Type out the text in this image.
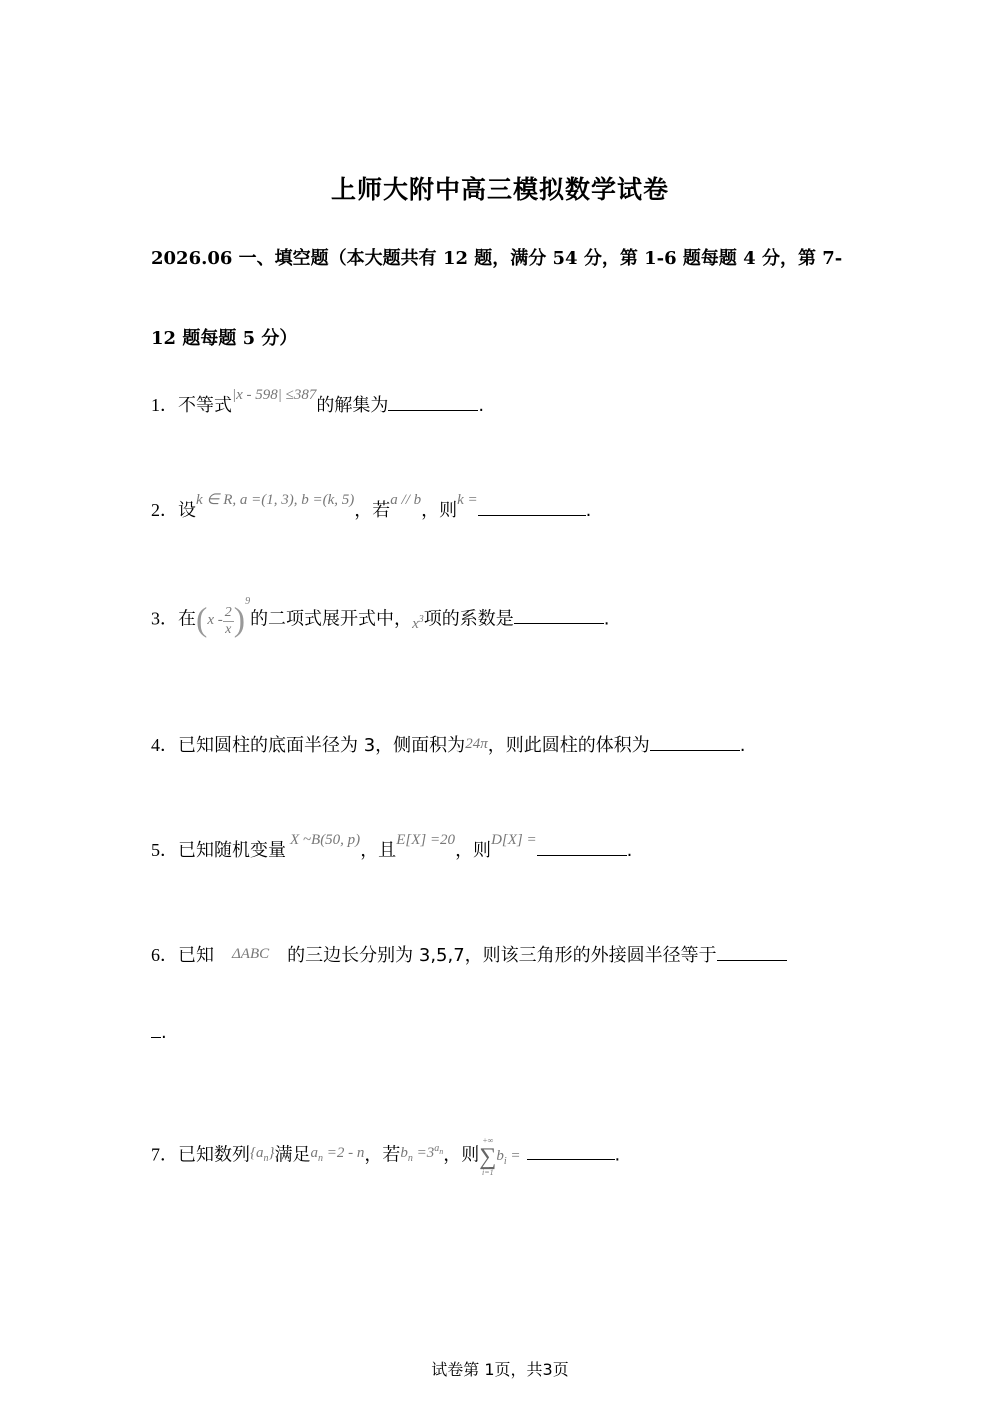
上师大附中高三模拟数学试卷
2026.06 一、填空题（本大题共有 12 题，满分 54 分，第 1-6 题每题 4 分，第 7-
12 题每题 5 分）
1．不等式$^{|x - 598| \le 387}$的解集为	.
2．设$^{k \in R, a =(1, 3), b =(k, 5)}$，若$^{a // b}$，则$^{k =}$	.
3．在$(x - \frac{2}{x})^9$的二项式展开式中，$_{x^3}$项的系数是	.
4．已知圆柱的底面半径为 3，侧面积为24π，则此圆柱的体积为	.
5．已知随机变量 $^{X \sim B(50, p)}$，且$^{E[X] =20}$，则$^{D[X] =}$	.
6．已知 ΔABC 的三边长分别为 3,5,7，则该三角形的外接圆半径等于
.
7．已知数列$\{a_n\}$满足$a_n =2 - n$，若$b_n =3^{a_n}$，则
+∞
∑
i=1
$b_i$ =	.
试卷第 1页，共3页
